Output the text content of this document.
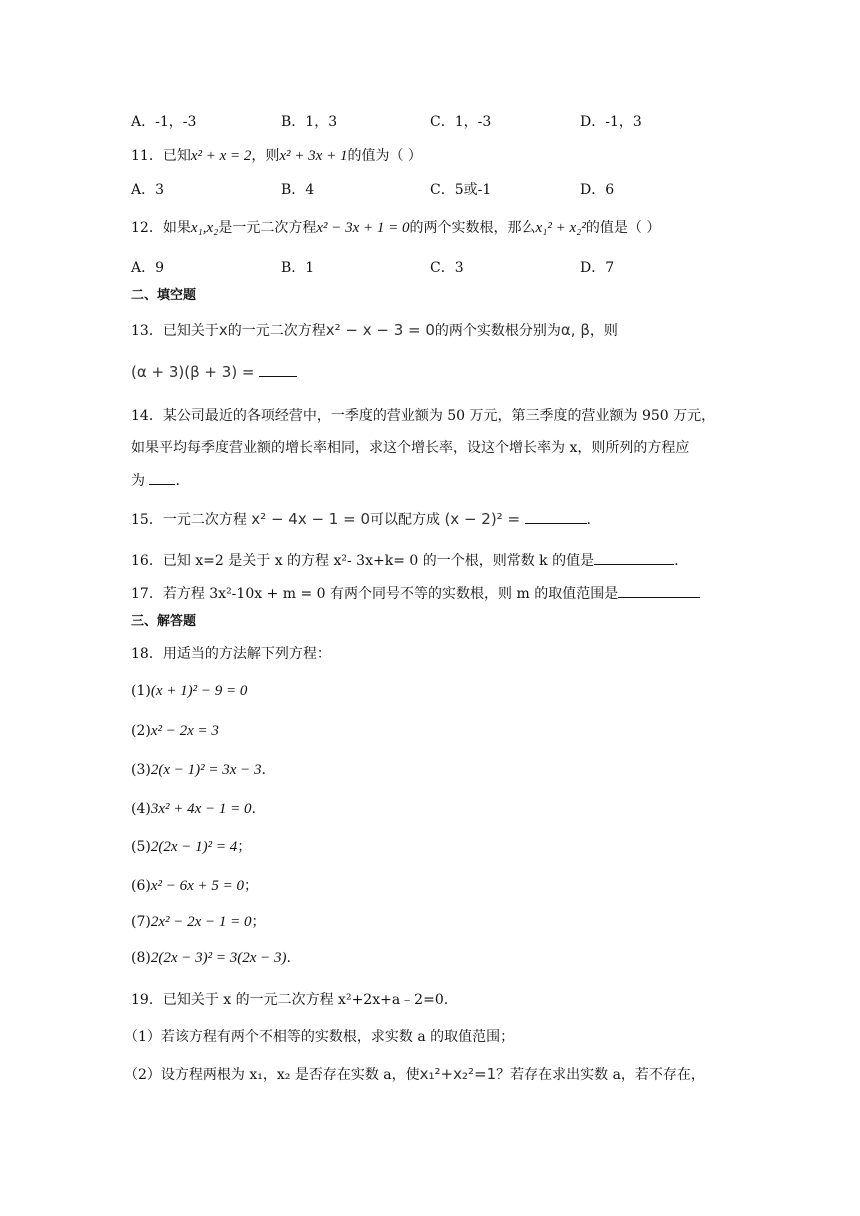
A．-1，-3	B．1，3	C．1，-3	D．-1，3
11．已知x² + x = 2，则x² + 3x + 1的值为（ ）
A．3	B．4	C．5或-1	D．6
12．如果x₁,x₂是一元二次方程x² − 3x + 1 = 0的两个实数根，那么x₁² + x₂²的值是（ ）
A．9	B．1	C．3	D．7
二、填空题
13．已知关于x的一元二次方程x² − x − 3 = 0的两个实数根分别为α, β，则
(α + 3)(β + 3) =
14．某公司最近的各项经营中，一季度的营业额为 50 万元，第三季度的营业额为 950 万元，
如果平均每季度营业额的增长率相同，求这个增长率，设这个增长率为 x，则所列的方程应
为 .
15．一元二次方程 x² − 4x − 1 = 0可以配方成 (x − 2)² =	.
16．已知 x=2 是关于 x 的方程 x²- 3x+k= 0 的一个根，则常数 k 的值是	.
17．若方程 3x²-10x + m = 0 有两个同号不等的实数根，则 m 的取值范围是
三、解答题
18．用适当的方法解下列方程：
(1)(x + 1)² − 9 = 0
(2)x² − 2x = 3
(3)2(x − 1)² = 3x − 3.
(4)3x² + 4x − 1 = 0.
(5)2(2x − 1)² = 4；
(6)x² − 6x + 5 = 0；
(7)2x² − 2x − 1 = 0；
(8)2(2x − 3)² = 3(2x − 3).
19．已知关于 x 的一元二次方程 x²+2x+a﹣2=0.
（1）若该方程有两个不相等的实数根，求实数 a 的取值范围；
（2）设方程两根为 x₁，x₂ 是否存在实数 a，使x₁²+x₂²=1？若存在求出实数 a，若不存在，
